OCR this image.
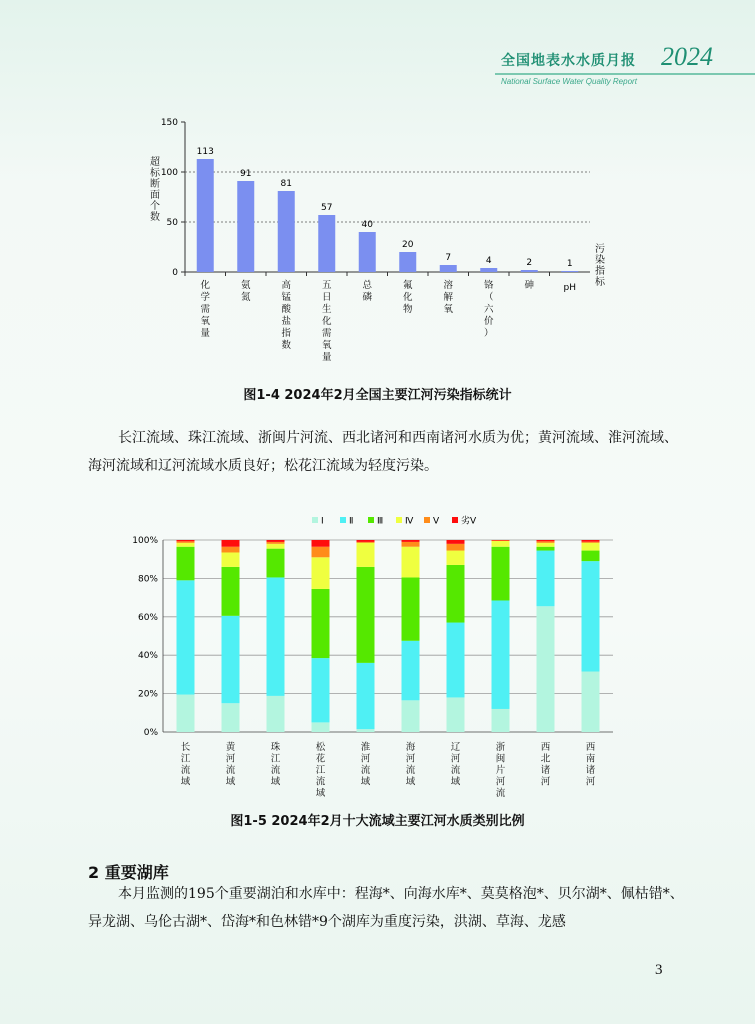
全国地表水水质月报 2024
National Surface Water Quality Report
0
50
100
150
超标断面个数
污染指标
113
化学需氧量
91
氨氮
81
高锰酸盐指数
57
五日生化需氧量
40
总磷
20
氟化物
7
溶解氧
4
铬（六价）
2
砷
1
pH
图1-4 2024年2月全国主要江河污染指标统计
长江流域、珠江流域、浙闽片河流、西北诸河和西南诸河水质为优；黄河流域、淮河流域、海河流域和辽河流域水质良好；松花江流域为轻度污染。
Ⅰ	Ⅱ	Ⅲ Ⅳ Ⅴ 劣Ⅴ
0%
20%
40%
60%
80%
100%
长江流域
黄河流域
珠江流域
松花江流域
淮河流域
海河流域
辽河流域
浙闽片河流
西北诸河
西南诸河
图1-5 2024年2月十大流域主要江河水质类别比例
2 重要湖库
本月监测的195个重要湖泊和水库中：程海*、向海水库*、莫莫格泡*、贝尔湖*、佩枯错*、异龙湖、乌伦古湖*、岱海*和色林错*9个湖库为重度污染，洪湖、草海、龙感
3
